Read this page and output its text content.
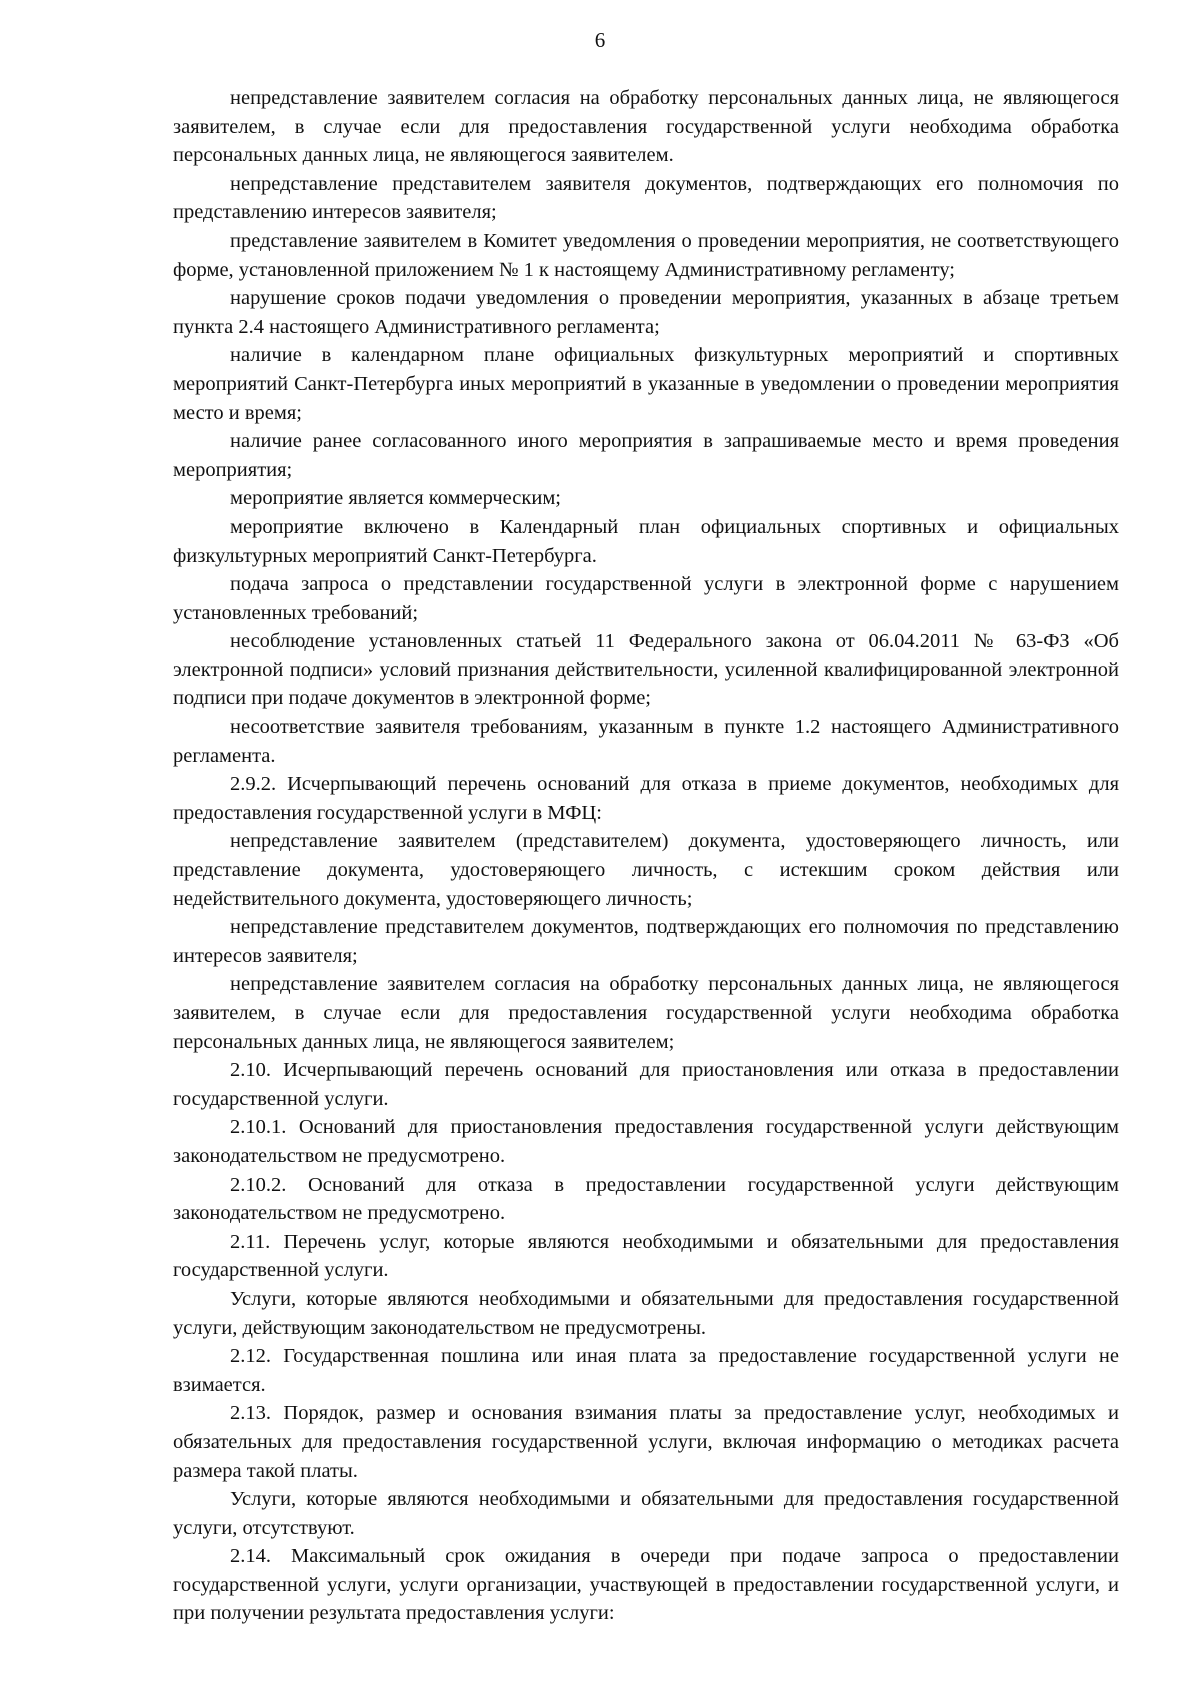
6

непредставление заявителем согласия на обработку персональных данных лица, не являющегося заявителем, в случае если для предоставления государственной услуги необходима обработка персональных данных лица, не являющегося заявителем.

непредставление представителем заявителя документов, подтверждающих его полномочия по представлению интересов заявителя;

представление заявителем в Комитет уведомления о проведении мероприятия, не соответствующего форме, установленной приложением № 1 к настоящему Административному регламенту;

нарушение сроков подачи уведомления о проведении мероприятия, указанных в абзаце третьем пункта 2.4 настоящего Административного регламента;

наличие в календарном плане официальных физкультурных мероприятий и спортивных мероприятий Санкт-Петербурга иных мероприятий в указанные в уведомлении о проведении мероприятия место и время;

наличие ранее согласованного иного мероприятия в запрашиваемые место и время проведения мероприятия;

мероприятие является коммерческим;

мероприятие включено в Календарный план официальных спортивных и официальных физкультурных мероприятий Санкт-Петербурга.

подача запроса о представлении государственной услуги в электронной форме с нарушением установленных требований;

несоблюдение установленных статьей 11 Федерального закона от 06.04.2011 № 63-ФЗ «Об электронной подписи» условий признания действительности, усиленной квалифицированной электронной подписи при подаче документов в электронной форме;

несоответствие заявителя требованиям, указанным в пункте 1.2 настоящего Административного регламента.

2.9.2. Исчерпывающий перечень оснований для отказа в приеме документов, необходимых для предоставления государственной услуги в МФЦ:

непредставление заявителем (представителем) документа, удостоверяющего личность, или представление документа, удостоверяющего личность, с истекшим сроком действия или недействительного документа, удостоверяющего личность;

непредставление представителем документов, подтверждающих его полномочия по представлению интересов заявителя;

непредставление заявителем согласия на обработку персональных данных лица, не являющегося заявителем, в случае если для предоставления государственной услуги необходима обработка персональных данных лица, не являющегося заявителем;

2.10. Исчерпывающий перечень оснований для приостановления или отказа в предоставлении государственной услуги.

2.10.1. Оснований для приостановления предоставления государственной услуги действующим законодательством не предусмотрено.

2.10.2. Оснований для отказа в предоставлении государственной услуги действующим законодательством не предусмотрено.

2.11. Перечень услуг, которые являются необходимыми и обязательными для предоставления государственной услуги.

Услуги, которые являются необходимыми и обязательными для предоставления государственной услуги, действующим законодательством не предусмотрены.

2.12. Государственная пошлина или иная плата за предоставление государственной услуги не взимается.

2.13. Порядок, размер и основания взимания платы за предоставление услуг, необходимых и обязательных для предоставления государственной услуги, включая информацию о методиках расчета размера такой платы.

Услуги, которые являются необходимыми и обязательными для предоставления государственной услуги, отсутствуют.

2.14. Максимальный срок ожидания в очереди при подаче запроса о предоставлении государственной услуги, услуги организации, участвующей в предоставлении государственной услуги, и при получении результата предоставления услуги:
